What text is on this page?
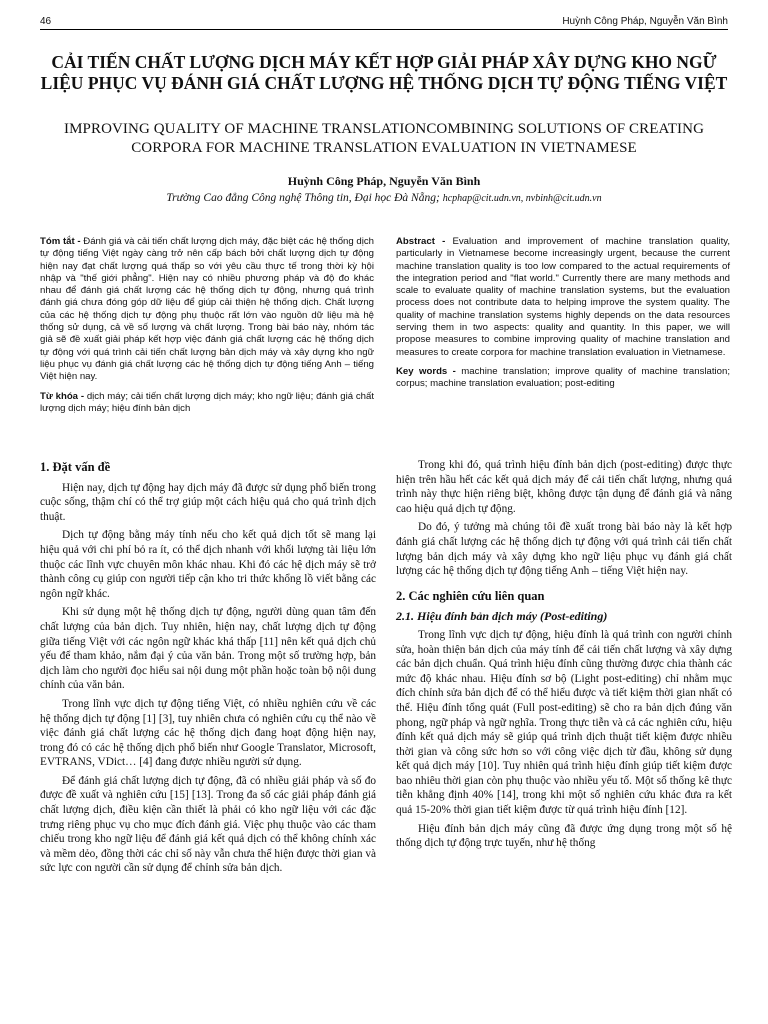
46	Huỳnh Công Pháp, Nguyễn Văn Bình
CẢI TIẾN CHẤT LƯỢNG DỊCH MÁY KẾT HỢP GIẢI PHÁP XÂY DỰNG KHO NGỮ LIỆU PHỤC VỤ ĐÁNH GIÁ CHẤT LƯỢNG HỆ THỐNG DỊCH TỰ ĐỘNG TIẾNG VIỆT
IMPROVING QUALITY OF MACHINE TRANSLATIONCOMBINING SOLUTIONS OF CREATING CORPORA FOR MACHINE TRANSLATION EVALUATION IN VIETNAMESE
Huỳnh Công Pháp, Nguyễn Văn Bình
Trường Cao đẳng Công nghệ Thông tin, Đại học Đà Nẵng; hcphap@cit.udn.vn, nvbinh@cit.udn.vn

Tóm tắt - Đánh giá và cải tiến chất lượng dịch máy, đặc biệt các hệ thống dịch tự động tiếng Việt ngày càng trở nên cấp bách bởi chất lượng dịch tự động hiện nay đạt chất lượng quá thấp so với yêu cầu thực tế trong thời kỳ hội nhập và "thế giới phẳng". Hiện nay có nhiều phương pháp và độ đo khác nhau để đánh giá chất lượng các hệ thống dịch tự động, nhưng quá trình đánh giá chưa đóng góp dữ liệu để giúp cải thiện hệ thống dịch. Chất lượng của các hệ thống dịch tự động phụ thuộc rất lớn vào nguồn dữ liệu mà hệ thống sử dụng, cả về số lượng và chất lượng. Trong bài báo này, nhóm tác giả sẽ đề xuất giải pháp kết hợp việc đánh giá chất lượng các hệ thống dịch tự động với quá trình cải tiến chất lượng bản dịch máy và xây dựng kho ngữ liệu phục vụ đánh giá chất lượng các hệ thống dịch tự động tiếng Anh – tiếng Việt hiện nay.

Từ khóa - dịch máy; cải tiến chất lượng dịch máy; kho ngữ liệu; đánh giá chất lượng dịch máy; hiệu đính bản dịch

Abstract - Evaluation and improvement of machine translation quality, particularly in Vietnamese become increasingly urgent, because the current machine translation quality is too low compared to the actual requirements of the integration period and "flat world." Currently there are many methods and scale to evaluate quality of machine translation systems, but the evaluation process does not contribute data to helping improve the system quality. The quality of machine translation systems highly depends on the data resources serving them in two aspects: quality and quantity. In this paper, we will propose measures to combine improving quality of machine translation and measures to create corpora for machine translation evaluation in Vietnamese.

Key words - machine translation; improve quality of machine translation; corpus; machine translation evaluation; post-editing

1. Đặt vấn đề

Hiện nay, dịch tự động hay dịch máy đã được sử dụng phổ biến trong cuộc sống, thậm chí có thể trợ giúp một cách hiệu quả cho quá trình dịch thuật.

Dịch tự động bằng máy tính nếu cho kết quả dịch tốt sẽ mang lại hiệu quả với chi phí bỏ ra ít, có thể dịch nhanh với khối lượng tài liệu lớn thuộc các lĩnh vực chuyên môn khác nhau. Khi đó các hệ dịch máy sẽ trở thành công cụ giúp con người tiếp cận kho tri thức khổng lồ viết bằng các ngôn ngữ khác.

Khi sử dụng một hệ thống dịch tự động, người dùng quan tâm đến chất lượng của bản dịch. Tuy nhiên, hiện nay, chất lượng dịch tự động giữa tiếng Việt với các ngôn ngữ khác khá thấp [11] nên kết quả dịch chủ yếu để tham khảo, nắm đại ý của văn bản. Trong một số trường hợp, bản dịch làm cho người đọc hiểu sai nội dung một phần hoặc toàn bộ nội dung chính của văn bản.

Trong lĩnh vực dịch tự động tiếng Việt, có nhiều nghiên cứu về các hệ thống dịch tự động [1] [3], tuy nhiên chưa có nghiên cứu cụ thể nào về việc đánh giá chất lượng các hệ thống dịch đang hoạt động hiện nay, trong đó có các hệ thống dịch phổ biến như Google Translator, Microsoft, EVTRANS, VDict… [4] đang được nhiều người sử dụng.

Để đánh giá chất lượng dịch tự động, đã có nhiều giải pháp và số đo được đề xuất và nghiên cứu [15] [13]. Trong đa số các giải pháp đánh giá chất lượng dịch, điều kiện cần thiết là phải có kho ngữ liệu với các đặc trưng riêng phục vụ cho mục đích đánh giá. Việc phụ thuộc vào các tham chiếu trong kho ngữ liệu để đánh giá kết quả dịch có thể không chính xác và mềm dẻo, đồng thời các chỉ số này vẫn chưa thể hiện được thời gian và sức lực con người cần sử dụng để chỉnh sửa bản dịch.

Trong khi đó, quá trình hiệu đính bản dịch (post-editing) được thực hiện trên hầu hết các kết quả dịch máy để cải tiến chất lượng, nhưng quá trình này thực hiện riêng biệt, không được tận dụng để đánh giá và nâng cao hiệu quả dịch tự động.

Do đó, ý tưởng mà chúng tôi đề xuất trong bài báo này là kết hợp đánh giá chất lượng các hệ thống dịch tự động với quá trình cải tiến chất lượng bản dịch máy và xây dựng kho ngữ liệu phục vụ đánh giá chất lượng các hệ thống dịch tự động tiếng Anh – tiếng Việt hiện nay.

2. Các nghiên cứu liên quan
2.1. Hiệu đính bản dịch máy (Post-editing)

Trong lĩnh vực dịch tự động, hiệu đính là quá trình con người chỉnh sửa, hoàn thiện bản dịch của máy tính để cải tiến chất lượng và xây dựng các bản dịch chuẩn. Quá trình hiệu đính cũng thường được chia thành các mức độ khác nhau. Hiệu đính sơ bộ (Light post-editing) chỉ nhằm mục đích chỉnh sửa bản dịch để có thể hiểu được và tiết kiệm thời gian nhất có thể. Hiệu đính tổng quát (Full post-editing) sẽ cho ra bản dịch đúng văn phong, ngữ pháp và ngữ nghĩa. Trong thực tiễn và cả các nghiên cứu, hiệu đính kết quả dịch máy sẽ giúp quá trình dịch thuật tiết kiệm được nhiều thời gian và công sức hơn so với công việc dịch từ đầu, không sử dụng kết quả dịch máy [10]. Tuy nhiên quá trình hiệu đính giúp tiết kiệm được bao nhiêu thời gian còn phụ thuộc vào nhiều yếu tố. Một số thống kê thực tiễn khẳng định 40% [14], trong khi một số nghiên cứu khác đưa ra kết quả 15-20% thời gian tiết kiệm được từ quá trình hiệu đính [12].

Hiệu đính bản dịch máy cũng đã được ứng dụng trong một số hệ thống dịch tự động trực tuyến, như hệ thống
